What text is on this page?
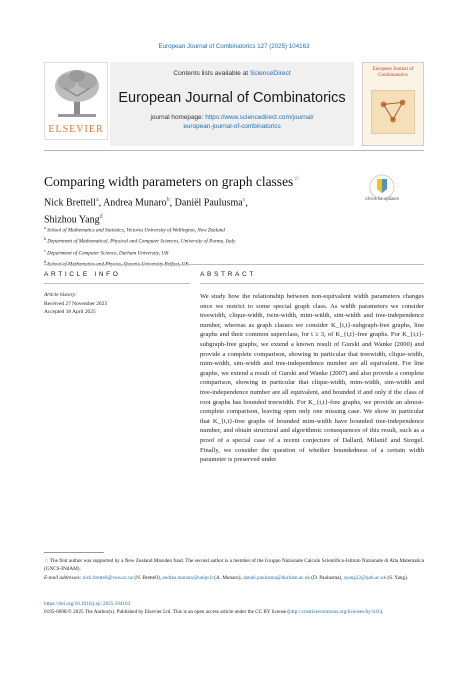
European Journal of Combinatorics 127 (2025) 104163
ELSEVIER
Contents lists available at ScienceDirect
European Journal of Combinatorics
journal homepage: https://www.sciencedirect.com/journal/
european-journal-of-combinatorics
European Journal of Combinatorics
Comparing width parameters on graph classes☆
Check for updates
Nick Brettell$^a$, Andrea Munaro$^b$, Daniël Paulusma$^c$,
Shizhou Yang$^d$
$^a$ School of Mathematics and Statistics, Victoria University of Wellington, New Zealand
$^b$ Department of Mathematical, Physical and Computer Sciences, University of Parma, Italy
$^c$ Department of Computer Science, Durham University, UK
$^d$
ARTICLE INFO	ABSTRACT
Article history:
Received 27 November 2023
Accepted 18 April 2025
We study how the relationship between non-equivalent width parameters changes once we restrict to some special graph class. As width parameters we consider treewidth, clique-width, twin-width, mim-width, sim-width and tree-independence number, whereas as graph classes we consider K_{t,t}-subgraph-free graphs, line graphs and their common superclass, for t ≥ 3, of K_{t,t}-free graphs. For K_{t,t}-subgraph-free graphs, we extend a known result of Gurski and Wanke (2000) and provide a complete comparison, showing in particular that treewidth, clique-width, mim-width, sim-width and tree-independence number are all equivalent. For line graphs, we extend a result of Gurski and Wanke (2007) and also provide a complete comparison, showing in particular that clique-width, mim-width, sim-width and tree-independence number are all equivalent, and bounded if and only if the class of root graphs has bounded treewidth. For K_{t,t}-free graphs, we provide an almost-complete comparison, leaving open only one missing case. We show in particular that K_{t,t}-free graphs of bounded mim-width have bounded tree-independence number, and obtain structural and algorithmic consequences of this result, such as a proof of a special case of a recent conjecture of Dallard, Milanič and Storgel. Finally, we consider the question of whether boundedness of a certain width parameter is preserved under
☆ The first author was supported by a New Zealand Marsden fund. The second author is a member of the Gruppo Nazionale Calcolo Scientifico-Istituto Nazionale di Alta Matematica (GNCS-INdAM).
E-mail addresses: nick.brettell@vuw.ac.nz (N. Brettell), andrea.munaro@unipr.it (A. Munaro), daniel.paulusma@durham.ac.uk (D. Paulusma), syang22@qub.ac.uk (S. Yang).
https://doi.org/10.1016/j.ejc.2025.104163
0195-6698/© 2025 The Author(s). Published by Elsevier Ltd. This is an open access article under the CC BY license (http://creativecommons.org/licenses/by/4.0/).
